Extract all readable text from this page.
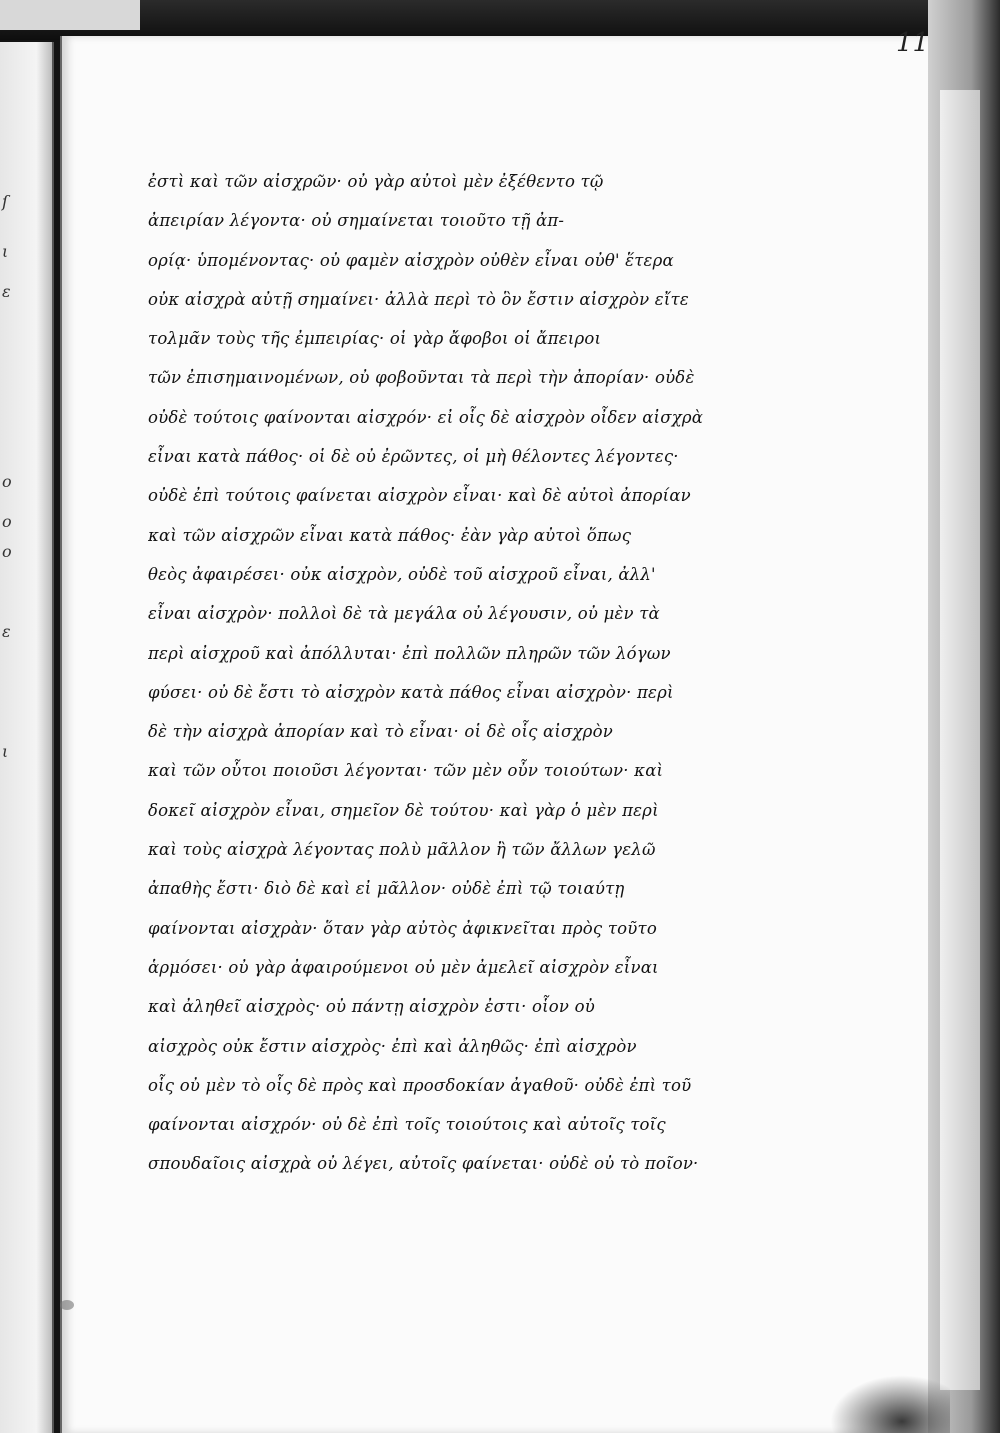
ſ
ι
ε
ο
ο
ο
ε
ι
11
ἐστὶ καὶ τῶν αἰσχρῶν· οὐ γὰρ αὐτοὶ μὲν ἐξέθεντο τῷ
ἀπειρίαν λέγοντα· οὐ σημαίνεται τοιοῦτο τῇ ἀπ-
ορίᾳ· ὑπομένοντας· οὐ φαμὲν αἰσχρὸν οὐθὲν εἶναι οὐθ' ἕτερα
οὐκ αἰσχρὰ αὐτῇ σημαίνει· ἀλλὰ περὶ τὸ ὃν ἔστιν αἰσχρὸν εἴτε
τολμᾶν τοὺς τῆς ἐμπειρίας· οἱ γὰρ ἄφοβοι οἱ ἄπειροι
τῶν ἐπισημαινομένων, οὐ φοβοῦνται τὰ περὶ τὴν ἀπορίαν· οὐδὲ
οὐδὲ τούτοις φαίνονται αἰσχρόν· εἰ οἷς δὲ αἰσχρὸν οἶδεν αἰσχρὰ
εἶναι κατὰ πάθος· οἱ δὲ οὐ ἐρῶντες, οἱ μὴ θέλοντες λέγοντες·
οὐδὲ ἐπὶ τούτοις φαίνεται αἰσχρὸν εἶναι· καὶ δὲ αὐτοὶ ἀπορίαν
καὶ τῶν αἰσχρῶν εἶναι κατὰ πάθος· ἐὰν γὰρ αὐτοὶ ὅπως
θεὸς ἀφαιρέσει· οὐκ αἰσχρὸν, οὐδὲ τοῦ αἰσχροῦ εἶναι, ἀλλ'
εἶναι αἰσχρὸν· πολλοὶ δὲ τὰ μεγάλα οὐ λέγουσιν, οὐ μὲν τὰ
περὶ αἰσχροῦ καὶ ἀπόλλυται· ἐπὶ πολλῶν πληρῶν τῶν λόγων
φύσει· οὐ δὲ ἔστι τὸ αἰσχρὸν κατὰ πάθος εἶναι αἰσχρὸν· περὶ
δὲ τὴν αἰσχρὰ ἀπορίαν καὶ τὸ εἶναι· οἱ δὲ οἷς αἰσχρὸν
καὶ τῶν οὗτοι ποιοῦσι λέγονται· τῶν μὲν οὖν τοιούτων· καὶ
δοκεῖ αἰσχρὸν εἶναι, σημεῖον δὲ τούτου· καὶ γὰρ ὁ μὲν περὶ
καὶ τοὺς αἰσχρὰ λέγοντας πολὺ μᾶλλον ἢ τῶν ἄλλων γελῶ
ἀπαθὴς ἔστι· διὸ δὲ καὶ εἰ μᾶλλον· οὐδὲ ἐπὶ τῷ τοιαύτῃ
φαίνονται αἰσχρὰν· ὅταν γὰρ αὐτὸς ἀφικνεῖται πρὸς τοῦτο
ἁρμόσει· οὐ γὰρ ἀφαιρούμενοι οὐ μὲν ἀμελεῖ αἰσχρὸν εἶναι
καὶ ἀληθεῖ αἰσχρὸς· οὐ πάντῃ αἰσχρὸν ἐστι· οἷον οὐ
αἰσχρὸς οὐκ ἔστιν αἰσχρὸς· ἐπὶ καὶ ἀληθῶς· ἐπὶ αἰσχρὸν
οἷς οὐ μὲν τὸ οἷς δὲ πρὸς καὶ προσδοκίαν ἀγαθοῦ· οὐδὲ ἐπὶ τοῦ
φαίνονται αἰσχρόν· οὐ δὲ ἐπὶ τοῖς τοιούτοις καὶ αὐτοῖς τοῖς
σπουδαῖοις αἰσχρὰ οὐ λέγει, αὐτοῖς φαίνεται· οὐδὲ οὐ τὸ ποῖον·
